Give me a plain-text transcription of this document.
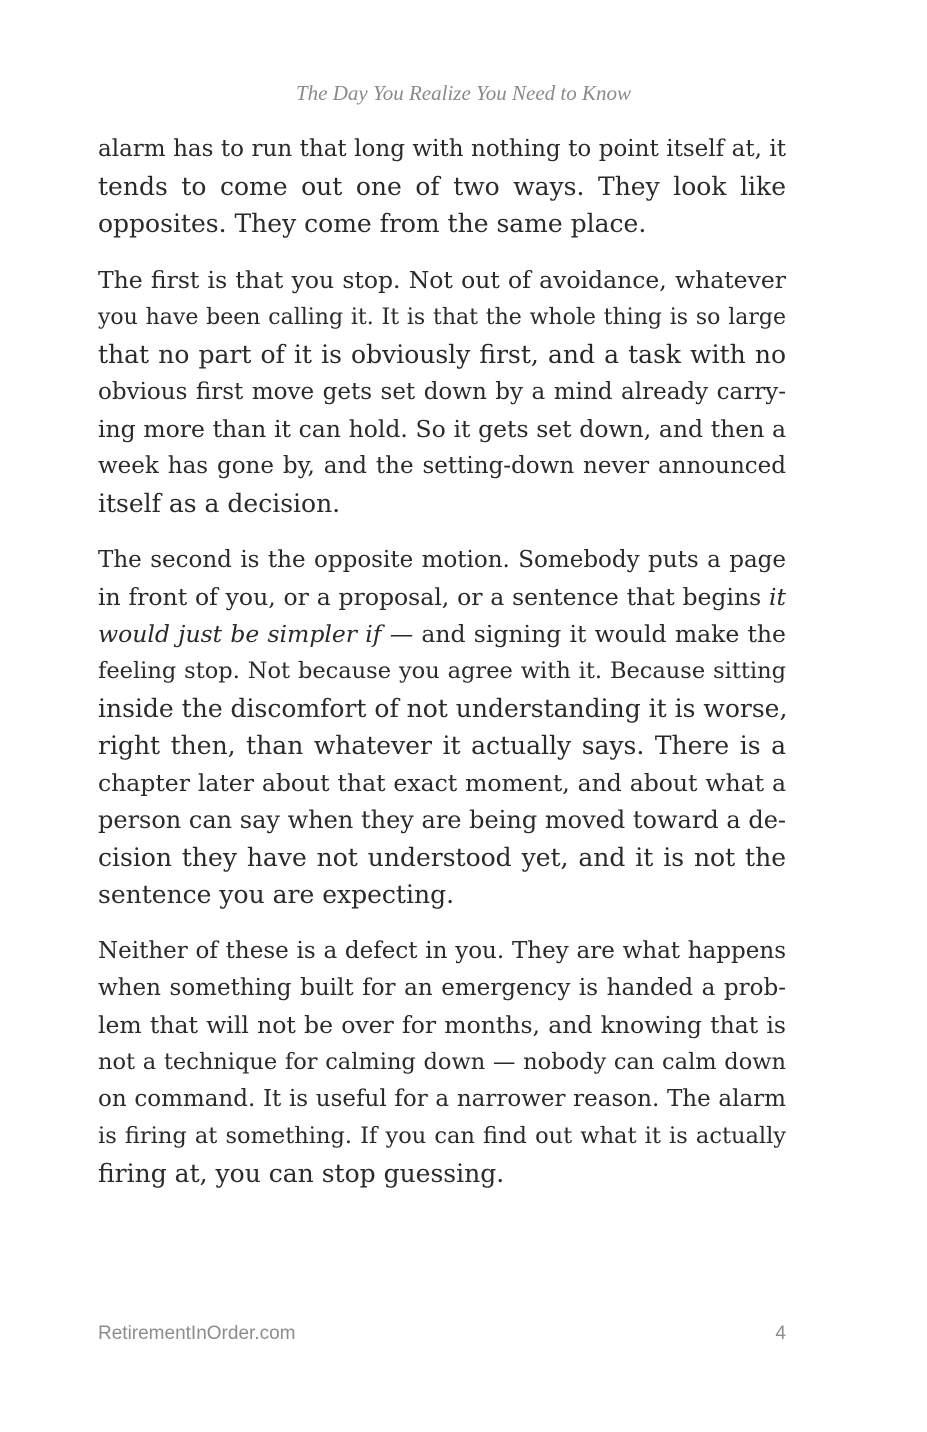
The Day You Realize You Need to Know

alarm has to run that long with nothing to point itself at, it
tends to come out one of two ways. They look like
opposites. They come from the same place.

The first is that you stop. Not out of avoidance, whatever
you have been calling it. It is that the whole thing is so large
that no part of it is obviously first, and a task with no
obvious first move gets set down by a mind already carry-
ing more than it can hold. So it gets set down, and then a
week has gone by, and the setting-down never announced
itself as a decision.

The second is the opposite motion. Somebody puts a page
in front of you, or a proposal, or a sentence that begins it
would just be simpler if — and signing it would make the
feeling stop. Not because you agree with it. Because sitting
inside the discomfort of not understanding it is worse,
right then, than whatever it actually says. There is a
chapter later about that exact moment, and about what a
person can say when they are being moved toward a de-
cision they have not understood yet, and it is not the
sentence you are expecting.

Neither of these is a defect in you. They are what happens
when something built for an emergency is handed a prob-
lem that will not be over for months, and knowing that is
not a technique for calming down — nobody can calm down
on command. It is useful for a narrower reason. The alarm
is firing at something. If you can find out what it is actually
firing at, you can stop guessing.

RetirementInOrder.com	4
